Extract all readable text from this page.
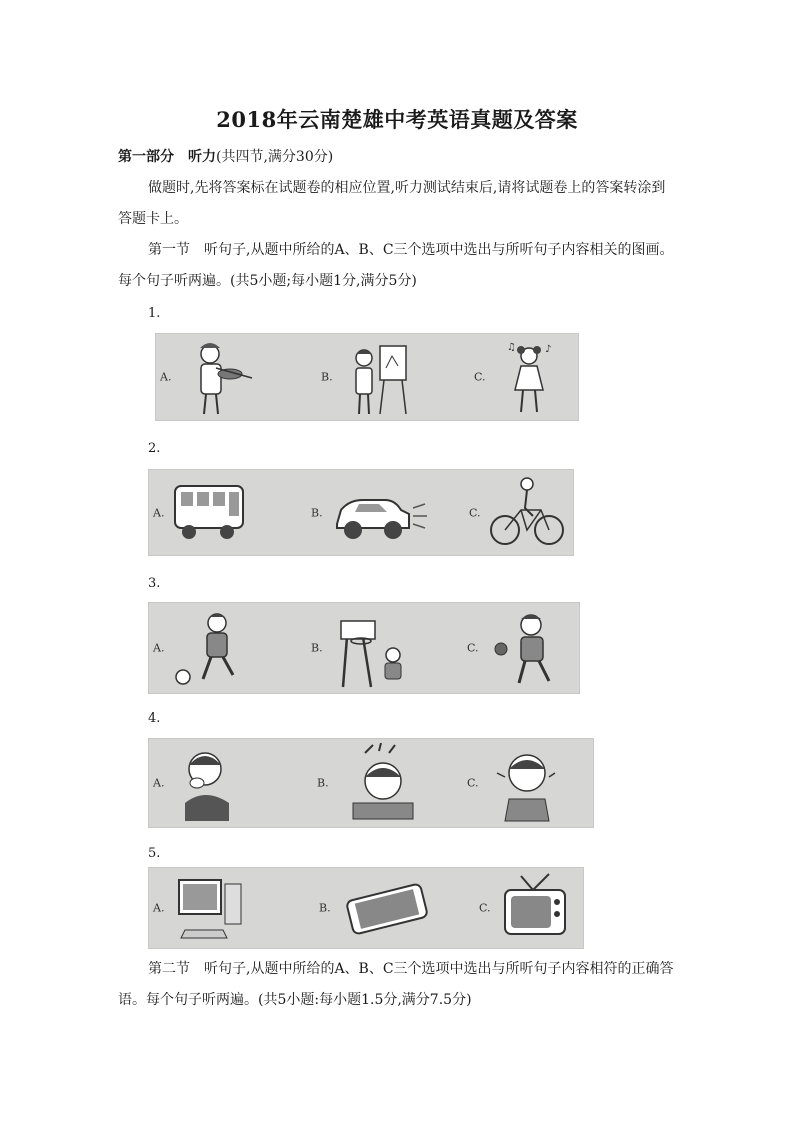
2018年云南楚雄中考英语真题及答案
第一部分　听力(共四节,满分30分)
做题时,先将答案标在试题卷的相应位置,听力测试结束后,请将试题卷上的答案转涂到
答题卡上。
第一节　听句子,从题中所给的A、B、C三个选项中选出与所听句子内容相关的图画。
每个句子听两遍。(共5小题;每小题1分,满分5分)
1.
A.	B.	C.
♪
♫
2.
A.	B.	C.
3.
A.	B.	C.
4.
A.	B.	C.
5.
A.	B.	C.
第二节　听句子,从题中所给的A、B、C三个选项中选出与所听句子内容相符的正确答
语。每个句子听两遍。(共5小题:每小题1.5分,满分7.5分)
